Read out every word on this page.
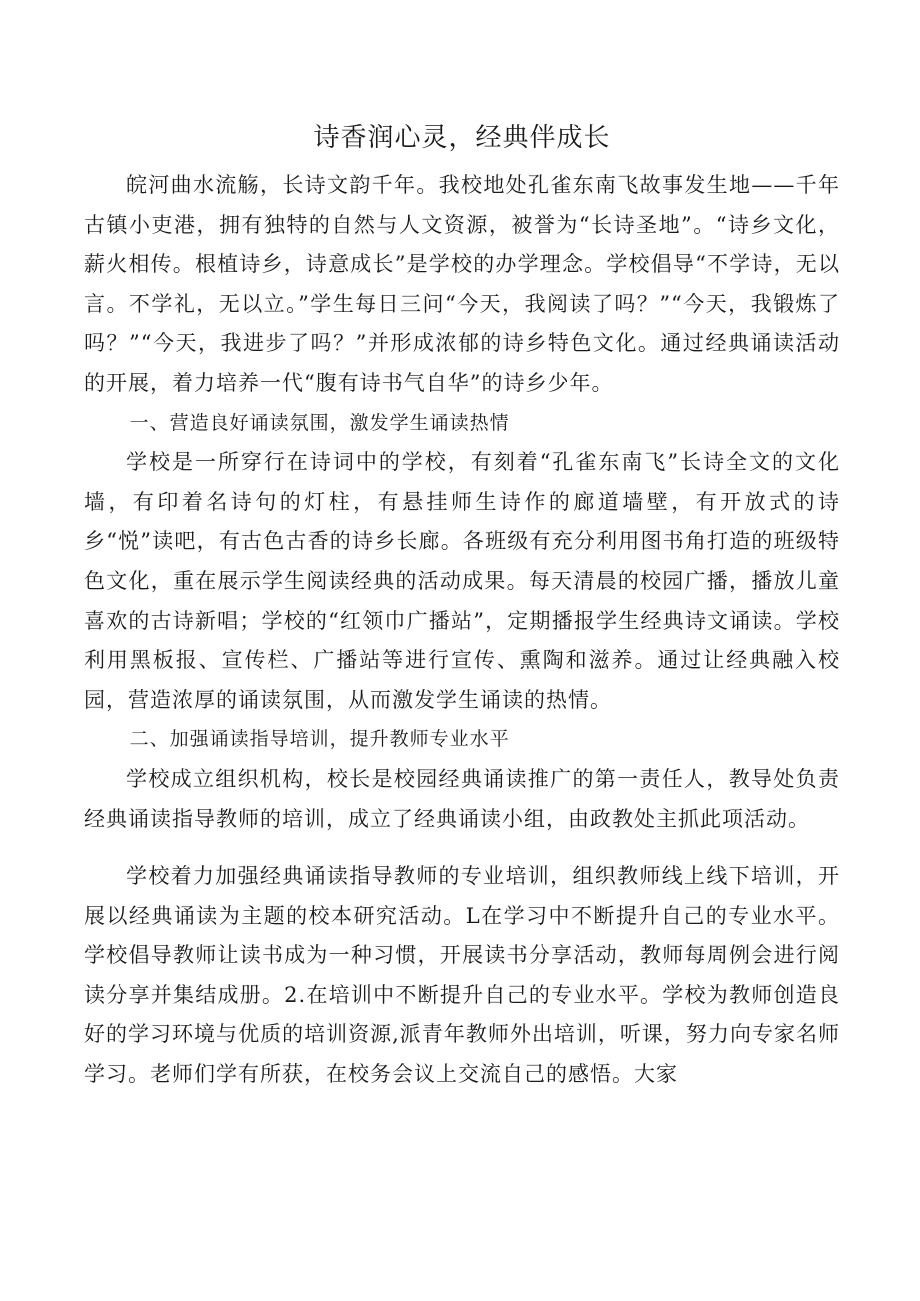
诗香润心灵，经典伴成长

皖河曲水流觞，长诗文韵千年。我校地处孔雀东南飞故事发生地——千年古镇小吏港，拥有独特的自然与人文资源，被誉为“长诗圣地”。“诗乡文化，薪火相传。根植诗乡，诗意成长”是学校的办学理念。学校倡导“不学诗，无以言。不学礼，无以立。”学生每日三问“今天，我阅读了吗？”“今天，我锻炼了吗？”“今天，我进步了吗？”并形成浓郁的诗乡特色文化。通过经典诵读活动的开展，着力培养一代“腹有诗书气自华”的诗乡少年。

一、营造良好诵读氛围，激发学生诵读热情

学校是一所穿行在诗词中的学校，有刻着“孔雀东南飞”长诗全文的文化墙，有印着名诗句的灯柱，有悬挂师生诗作的廊道墙壁，有开放式的诗乡“悦”读吧，有古色古香的诗乡长廊。各班级有充分利用图书角打造的班级特色文化，重在展示学生阅读经典的活动成果。每天清晨的校园广播，播放儿童喜欢的古诗新唱；学校的“红领巾广播站”，定期播报学生经典诗文诵读。学校利用黑板报、宣传栏、广播站等进行宣传、熏陶和滋养。通过让经典融入校园，营造浓厚的诵读氛围，从而激发学生诵读的热情。

二、加强诵读指导培训，提升教师专业水平

学校成立组织机构，校长是校园经典诵读推广的第一责任人，教导处负责经典诵读指导教师的培训，成立了经典诵读小组，由政教处主抓此项活动。

学校着力加强经典诵读指导教师的专业培训，组织教师线上线下培训，开展以经典诵读为主题的校本研究活动。L在学习中不断提升自己的专业水平。学校倡导教师让读书成为一种习惯，开展读书分享活动，教师每周例会进行阅读分享并集结成册。2.在培训中不断提升自己的专业水平。学校为教师创造良好的学习环境与优质的培训资源,派青年教师外出培训，听课，努力向专家名师学习。老师们学有所获，在校务会议上交流自己的感悟。大家
